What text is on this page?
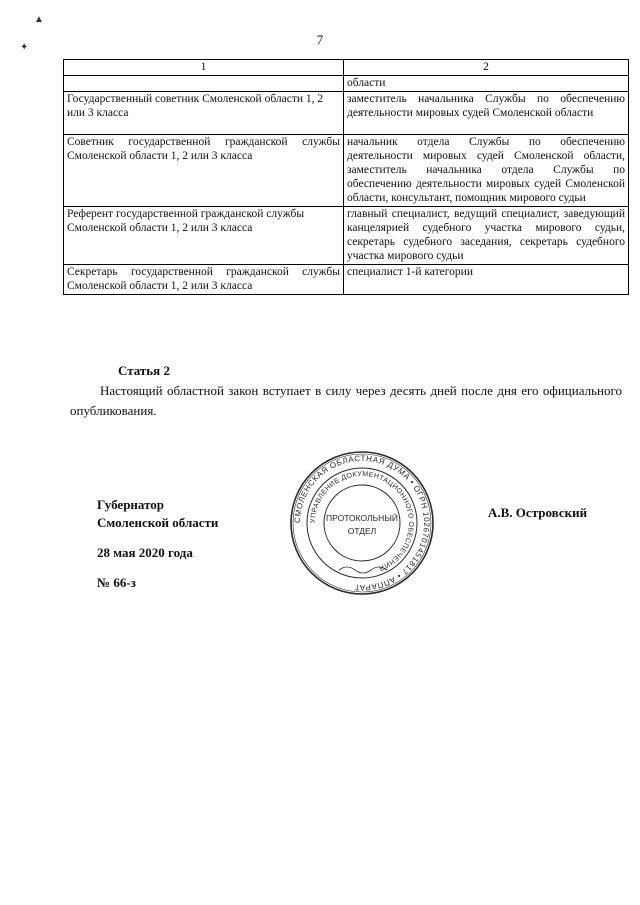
7
1	2
	области
Государственный советник Смоленской области 1, 2 или 3 класса	заместитель начальника Службы по обеспечению деятельности мировых судей Смоленской области
Советник государственной гражданской службы Смоленской области 1, 2 или 3 класса	начальник отдела Службы по обеспечению деятельности мировых судей Смоленской области, заместитель начальника отдела Службы по обеспечению деятельности мировых судей Смоленской области, консультант, помощник мирового судьи
Референт государственной гражданской службы Смоленской области 1, 2 или 3 класса	главный специалист, ведущий специалист, заведующий канцелярией судебного участка мирового судьи, секретарь судебного заседания, секретарь судебного участка мирового судьи
Секретарь государственной гражданской службы Смоленской области 1, 2 или 3 класса	специалист 1-й категории
Статья 2
Настоящий областной закон вступает в силу через десять дней после дня его официального опубликования.
Губернатор
Смоленской области
А.В. Островский
28 мая 2020 года
№ 66-з
СМОЛЕНСКАЯ ОБЛАСТНАЯ ДУМА • ОГРН 1026701451817 • АППАРАТ
УПРАВЛЕНИЕ ДОКУМЕНТАЦИОННОГО ОБЕСПЕЧЕНИЯ
ПРОТОКОЛЬНЫЙ
ОТДЕЛ
▲
✦
